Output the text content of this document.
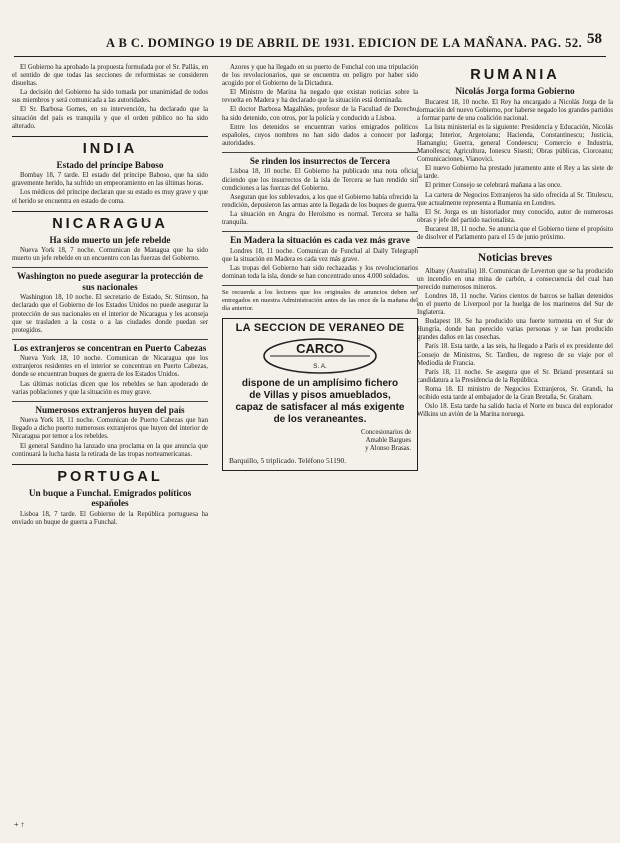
A B C. DOMINGO 19 DE ABRIL DE 1931. EDICION DE LA MAÑANA. PAG. 52. 58

El Gobierno ha aprobado la propuesta formulada por el Sr. Pallás, en el sentido de que todas las secciones de reformistas se consideren disueltas.

La decisión del Gobierno ha sido tomada por unanimidad de todos sus miembros y será comunicada a las autoridades.

El Sr. Barbosa Gomes, en su intervención, ha declarado que la situación del país es tranquila y que el orden público no ha sido alterado.

INDIA
Estado del príncipe Baboso

Bombay 18, 7 tarde. El estado del príncipe Baboso, que ha sido gravemente herido, ha sufrido un empeoramiento en las últimas horas.

Los médicos del príncipe declaran que su estado es muy grave y que el herido se encuentra en estado de coma.

NICARAGUA
Ha sido muerto un jefe rebelde

Nueva York 18, 7 noche. Comunican de Managua que ha sido muerto un jefe rebelde en un encuentro con las fuerzas del Gobierno.

Washington no puede asegurar la protección de sus nacionales

Washington 18, 10 noche. El secretario de Estado, Sr. Stimson, ha declarado que el Gobierno de los Estados Unidos no puede asegurar la protección de sus nacionales en el interior de Nicaragua y les aconseja que se trasladen a la costa o a las ciudades donde puedan ser protegidos.

Los extranjeros se concentran en Puerto Cabezas

Nueva York 18, 10 noche. Comunican de Nicaragua que los extranjeros residentes en el interior se concentran en Puerto Cabezas, donde se encuentran buques de guerra de los Estados Unidos.

Las últimas noticias dicen que los rebeldes se han apoderado de varias poblaciones y que la situación es muy grave.

Numerosos extranjeros huyen del país

Nueva York 18, 11 noche. Comunican de Puerto Cabezas que han llegado a dicho puerto numerosos extranjeros que huyen del interior de Nicaragua por temor a los rebeldes.

El general Sandino ha lanzado una proclama en la que anuncia que continuará la lucha hasta la retirada de las tropas norteamericanas.

PORTUGAL
Un buque a Funchal. Emigrados políticos españoles

Lisboa 18, 7 tarde. El Gobierno de la República portuguesa ha enviado un buque de guerra a Funchal.

Azores y que ha llegado en su puerto de Funchal con una tripulación de los revolucionarios, que se encuentra en peligro por haber sido acogido por el Gobierno de la Dictadura.

El Ministro de Marina ha negado que existan noticias sobre la revuelta en Madera y ha declarado que la situación está dominada.

El doctor Barbosa Magalhães, profesor de la Facultad de Derecho, ha sido detenido, con otros, por la policía y conducido a Lisboa.

Entre los detenidos se encuentran varios emigrados políticos españoles, cuyos nombres no han sido dados a conocer por las autoridades.

Se rinden los insurrectos de Tercera

Lisboa 18, 10 noche. El Gobierno ha publicado una nota oficial diciendo que los insurrectos de la isla de Tercera se han rendido sin condiciones a las fuerzas del Gobierno.

Aseguran que los sublevados, a los que el Gobierno había ofrecido la rendición, depusieron las armas ante la llegada de los buques de guerra.

La situación en Angra do Heroísmo es normal. Tercera se halla tranquila.

En Madera la situación es cada vez más grave

Londres 18, 11 noche. Comunican de Funchal al Daily Telegraph que la situación en Madera es cada vez más grave.

Las tropas del Gobierno han sido rechazadas y los revolucionarios dominan toda la isla, donde se han concentrado unos 4.000 soldados.

Se recuerda a los lectores que los originales de anuncios deben ser entregados en nuestra Administración antes de las once de la mañana del día anterior.
LA SECCION DE VERANEO DE
CARCO
S. A.
dispone de un amplísimo fichero
de Villas y pisos amueblados,
capaz de satisfacer al más exigente
de los veraneantes.
Concesionarios de
Amable Bargues
y Alonso Brasas.
Barquillo, 5 triplicado. Teléfono 51190.
RUMANIA
Nicolás Jorga forma Gobierno

Bucarest 18, 10 noche. El Rey ha encargado a Nicolás Jorga de la formación del nuevo Gobierno, por haberse negado los grandes partidos a formar parte de una coalición nacional.

La lista ministerial es la siguiente: Presidencia y Educación, Nicolás Jorga; Interior, Argetoianu; Hacienda, Constantinescu; Justicia, Hamangiu; Guerra, general Condeescu; Comercio e Industria, Manoilescu; Agricultura, Ionescu Sisesti; Obras públicas, Ciorceanu; Comunicaciones, Vianovici.

El nuevo Gobierno ha prestado juramento ante el Rey a las siete de la tarde.

El primer Consejo se celebrará mañana a las once.

La cartera de Negocios Extranjeros ha sido ofrecida al Sr. Titulescu, que actualmente representa a Rumania en Londres.

El Sr. Jorga es un historiador muy conocido, autor de numerosas obras y jefe del partido nacionalista.

Bucarest 18, 11 noche. Se anuncia que el Gobierno tiene el propósito de disolver el Parlamento para el 15 de junio próximo.

Noticias breves

Albany (Australia) 18. Comunican de Leverton que se ha producido un incendio en una mina de carbón, a consecuencia del cual han perecido numerosos mineros.

Londres 18, 11 noche. Varios cientos de barcos se hallan detenidos en el puerto de Liverpool por la huelga de los marineros del Sur de Inglaterra.

Budapest 18. Se ha producido una fuerte tormenta en el Sur de Hungría, donde han perecido varias personas y se han producido grandes daños en las cosechas.

París 18. Esta tarde, a las seis, ha llegado a París el ex presidente del Consejo de Ministros, Sr. Tardieu, de regreso de su viaje por el Mediodía de Francia.

París 18, 11 noche. Se asegura que el Sr. Briand presentará su candidatura a la Presidencia de la República.

Roma 18. El ministro de Negocios Extranjeros, Sr. Grandi, ha recibido esta tarde al embajador de la Gran Bretaña, Sr. Graham.

Oslo 18. Esta tarde ha salido hacia el Norte en busca del explorador Wilkins un avión de la Marina noruega.

+ ↑
